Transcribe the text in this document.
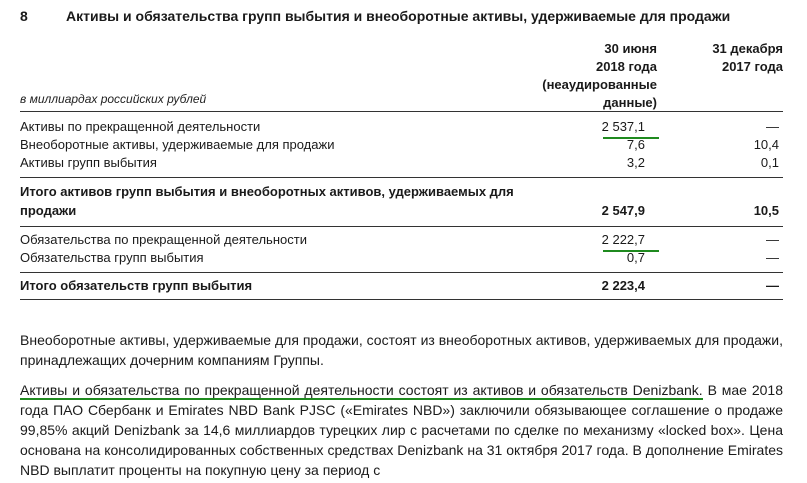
8	Активы и обязательства групп выбытия и внеоборотные активы, удерживаемые для продажи
30 июня
2018 года
(неаудированные
данные)
31 декабря
2017 года
в миллиардах российских рублей
Активы по прекращенной деятельности	2 537,1	—
Внеоборотные активы, удерживаемые для продажи	7,6	10,4
Активы групп выбытия	3,2	0,1
Итого активов групп выбытия и внеоборотных активов, удерживаемых для
продажи	2 547,9	10,5
Обязательства по прекращенной деятельности	2 222,7	—
Обязательства групп выбытия	0,7	—
Итого обязательств групп выбытия	2 223,4	—
Внеоборотные активы, удерживаемые для продажи, состоят из внеоборотных активов, удерживаемых для продажи, принадлежащих дочерним компаниям Группы.
Активы и обязательства по прекращенной деятельности состоят из активов и обязательств Denizbank. В мае 2018 года ПАО Сбербанк и Emirates NBD Bank PJSC («Emirates NBD») заключили обязывающее соглашение о продаже 99,85% акций Denizbank за 14,6 миллиардов турецких лир с расчетами по сделке по механизму «locked box». Цена основана на консолидированных собственных средствах Denizbank на 31 октября 2017 года. В дополнение Emirates NBD выплатит проценты на покупную цену за период с
